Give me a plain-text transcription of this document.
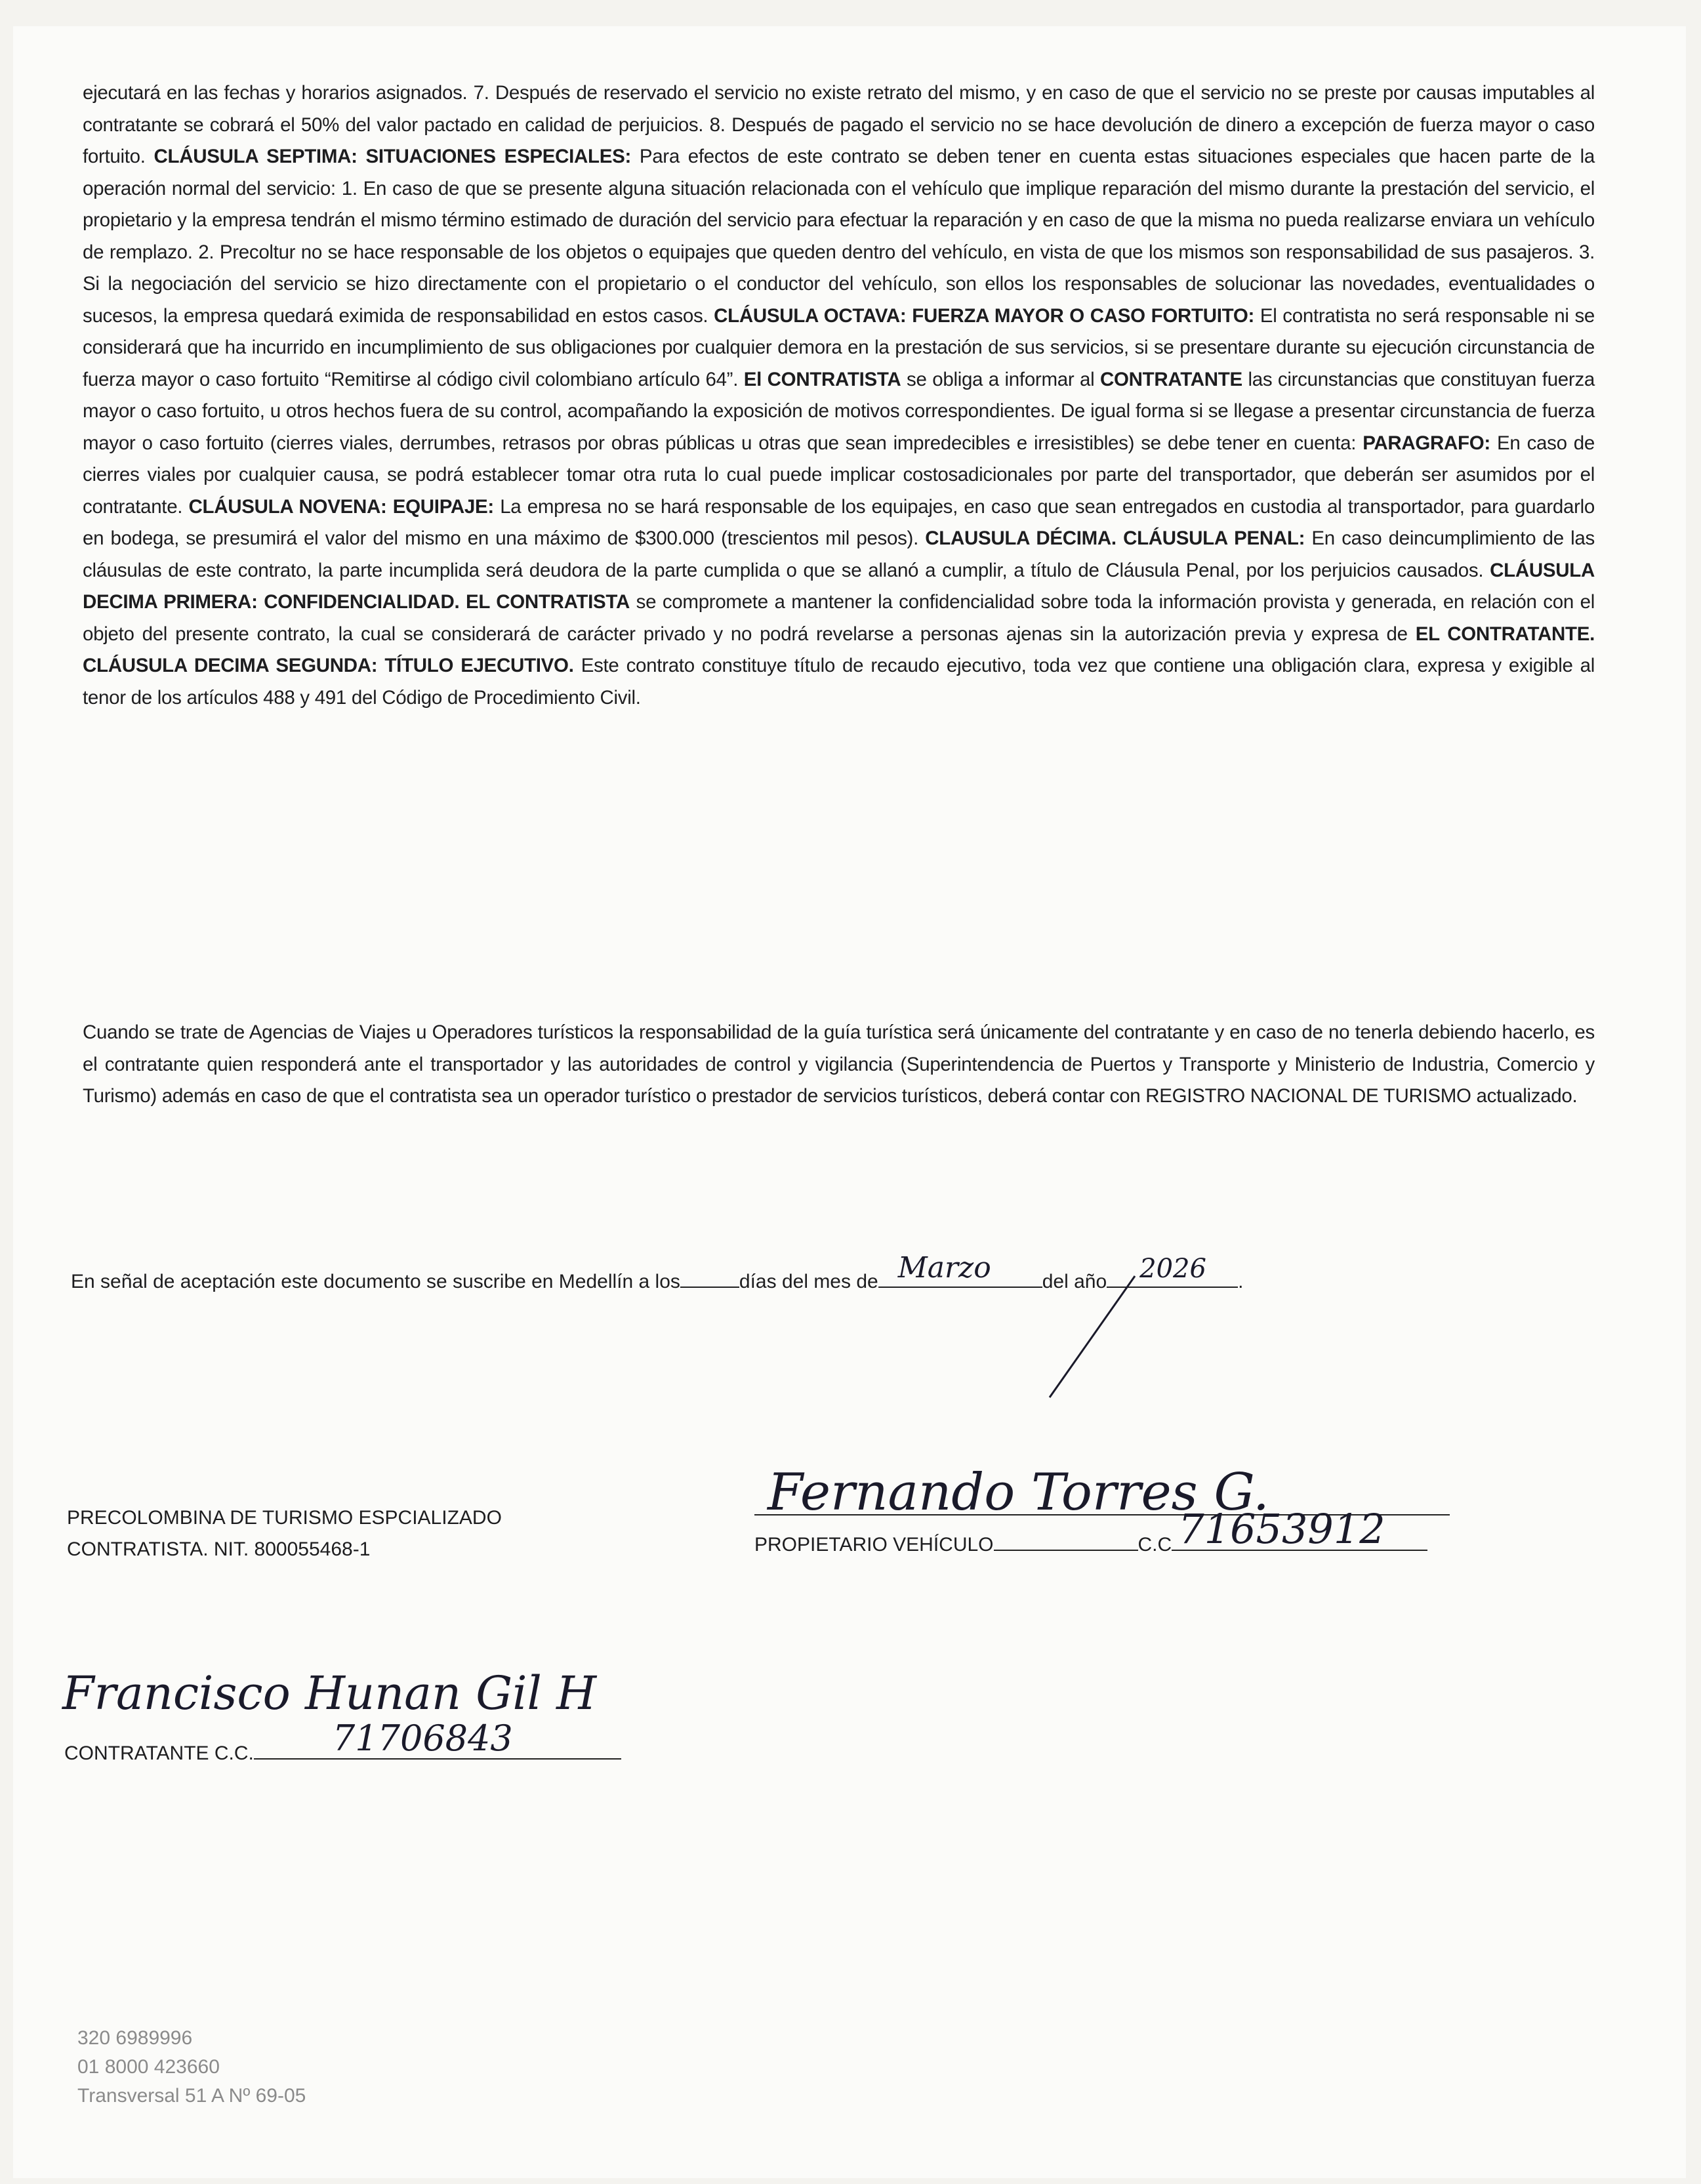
ejecutará en las fechas y horarios asignados. 7. Después de reservado el servicio no existe retrato del mismo, y en caso de que el servicio no se preste por causas imputables al contratante se cobrará el 50% del valor pactado en calidad de perjuicios. 8. Después de pagado el servicio no se hace devolución de dinero a excepción de fuerza mayor o caso fortuito. CLÁUSULA SEPTIMA: SITUACIONES ESPECIALES: Para efectos de este contrato se deben tener en cuenta estas situaciones especiales que hacen parte de la operación normal del servicio: 1. En caso de que se presente alguna situación relacionada con el vehículo que implique reparación del mismo durante la prestación del servicio, el propietario y la empresa tendrán el mismo término estimado de duración del servicio para efectuar la reparación y en caso de que la misma no pueda realizarse enviara un vehículo de remplazo. 2. Precoltur no se hace responsable de los objetos o equipajes que queden dentro del vehículo, en vista de que los mismos son responsabilidad de sus pasajeros. 3. Si la negociación del servicio se hizo directamente con el propietario o el conductor del vehículo, son ellos los responsables de solucionar las novedades, eventualidades o sucesos, la empresa quedará eximida de responsabilidad en estos casos. CLÁUSULA OCTAVA: FUERZA MAYOR O CASO FORTUITO: El contratista no será responsable ni se considerará que ha incurrido en incumplimiento de sus obligaciones por cualquier demora en la prestación de sus servicios, si se presentare durante su ejecución circunstancia de fuerza mayor o caso fortuito “Remitirse al código civil colombiano artículo 64”. El CONTRATISTA se obliga a informar al CONTRATANTE las circunstancias que constituyan fuerza mayor o caso fortuito, u otros hechos fuera de su control, acompañando la exposición de motivos correspondientes. De igual forma si se llegase a presentar circunstancia de fuerza mayor o caso fortuito (cierres viales, derrumbes, retrasos por obras públicas u otras que sean impredecibles e irresistibles) se debe tener en cuenta: PARAGRAFO: En caso de cierres viales por cualquier causa, se podrá establecer tomar otra ruta lo cual puede implicar costosadicionales por parte del transportador, que deberán ser asumidos por el contratante. CLÁUSULA NOVENA: EQUIPAJE: La empresa no se hará responsable de los equipajes, en caso que sean entregados en custodia al transportador, para guardarlo en bodega, se presumirá el valor del mismo en una máximo de $300.000 (trescientos mil pesos). CLAUSULA DÉCIMA. CLÁUSULA PENAL: En caso deincumplimiento de las cláusulas de este contrato, la parte incumplida será deudora de la parte cumplida o que se allanó a cumplir, a título de Cláusula Penal, por los perjuicios causados. CLÁUSULA DECIMA PRIMERA: CONFIDENCIALIDAD. EL CONTRATISTA se compromete a mantener la confidencialidad sobre toda la información provista y generada, en relación con el objeto del presente contrato, la cual se considerará de carácter privado y no podrá revelarse a personas ajenas sin la autorización previa y expresa de EL CONTRATANTE. CLÁUSULA DECIMA SEGUNDA: TÍTULO EJECUTIVO. Este contrato constituye título de recaudo ejecutivo, toda vez que contiene una obligación clara, expresa y exigible al tenor de los artículos 488 y 491 del Código de Procedimiento Civil.
Cuando se trate de Agencias de Viajes u Operadores turísticos la responsabilidad de la guía turística será únicamente del contratante y en caso de no tenerla debiendo hacerlo, es el contratante quien responderá ante el transportador y las autoridades de control y vigilancia (Superintendencia de Puertos y Transporte y Ministerio de Industria, Comercio y Turismo) además en caso de que el contratista sea un operador turístico o prestador de servicios turísticos, deberá contar con REGISTRO NACIONAL DE TURISMO actualizado.
En señal de aceptación este documento se suscribe en Medellín a los	días del mes de Marzo	del año 2026 .
PRECOLOMBINA DE TURISMO ESPCIALIZADO
CONTRATISTA. NIT. 800055468-1
Fernando Torres G.
PROPIETARIO VEHÍCULO	C.C 71653912
Francisco Hunan Gil H
CONTRATANTE C.C. 71706843
320 6989996
01 8000 423660
Transversal 51 A Nº 69-05
